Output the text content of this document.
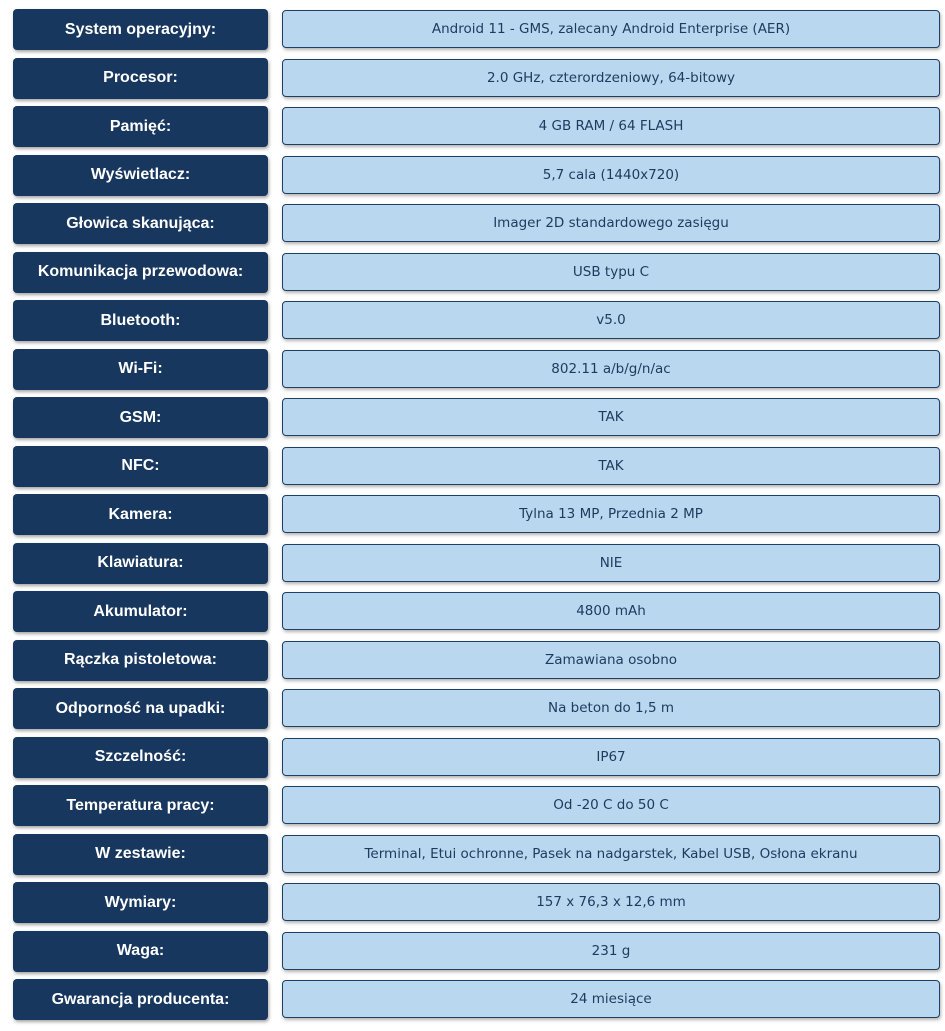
System operacyjny:	Android 11 - GMS, zalecany Android Enterprise (AER)
Procesor:	2.0 GHz, czterordzeniowy, 64-bitowy
Pamięć:	4 GB RAM / 64 FLASH
Wyświetlacz:	5,7 cala (1440x720)
Głowica skanująca:	Imager 2D standardowego zasięgu
Komunikacja przewodowa:	USB typu C
Bluetooth:	v5.0
Wi-Fi:	802.11 a/b/g/n/ac
GSM:	TAK
NFC:	TAK
Kamera:	Tylna 13 MP, Przednia 2 MP
Klawiatura:	NIE
Akumulator:	4800 mAh
Rączka pistoletowa:	Zamawiana osobno
Odporność na upadki:	Na beton do 1,5 m
Szczelność:	IP67
Temperatura pracy:	Od -20 C do 50 C
W zestawie:	Terminal, Etui ochronne, Pasek na nadgarstek, Kabel USB, Osłona ekranu
Wymiary:	157 x 76,3 x 12,6 mm
Waga:	231 g
Gwarancja producenta:	24 miesiące
